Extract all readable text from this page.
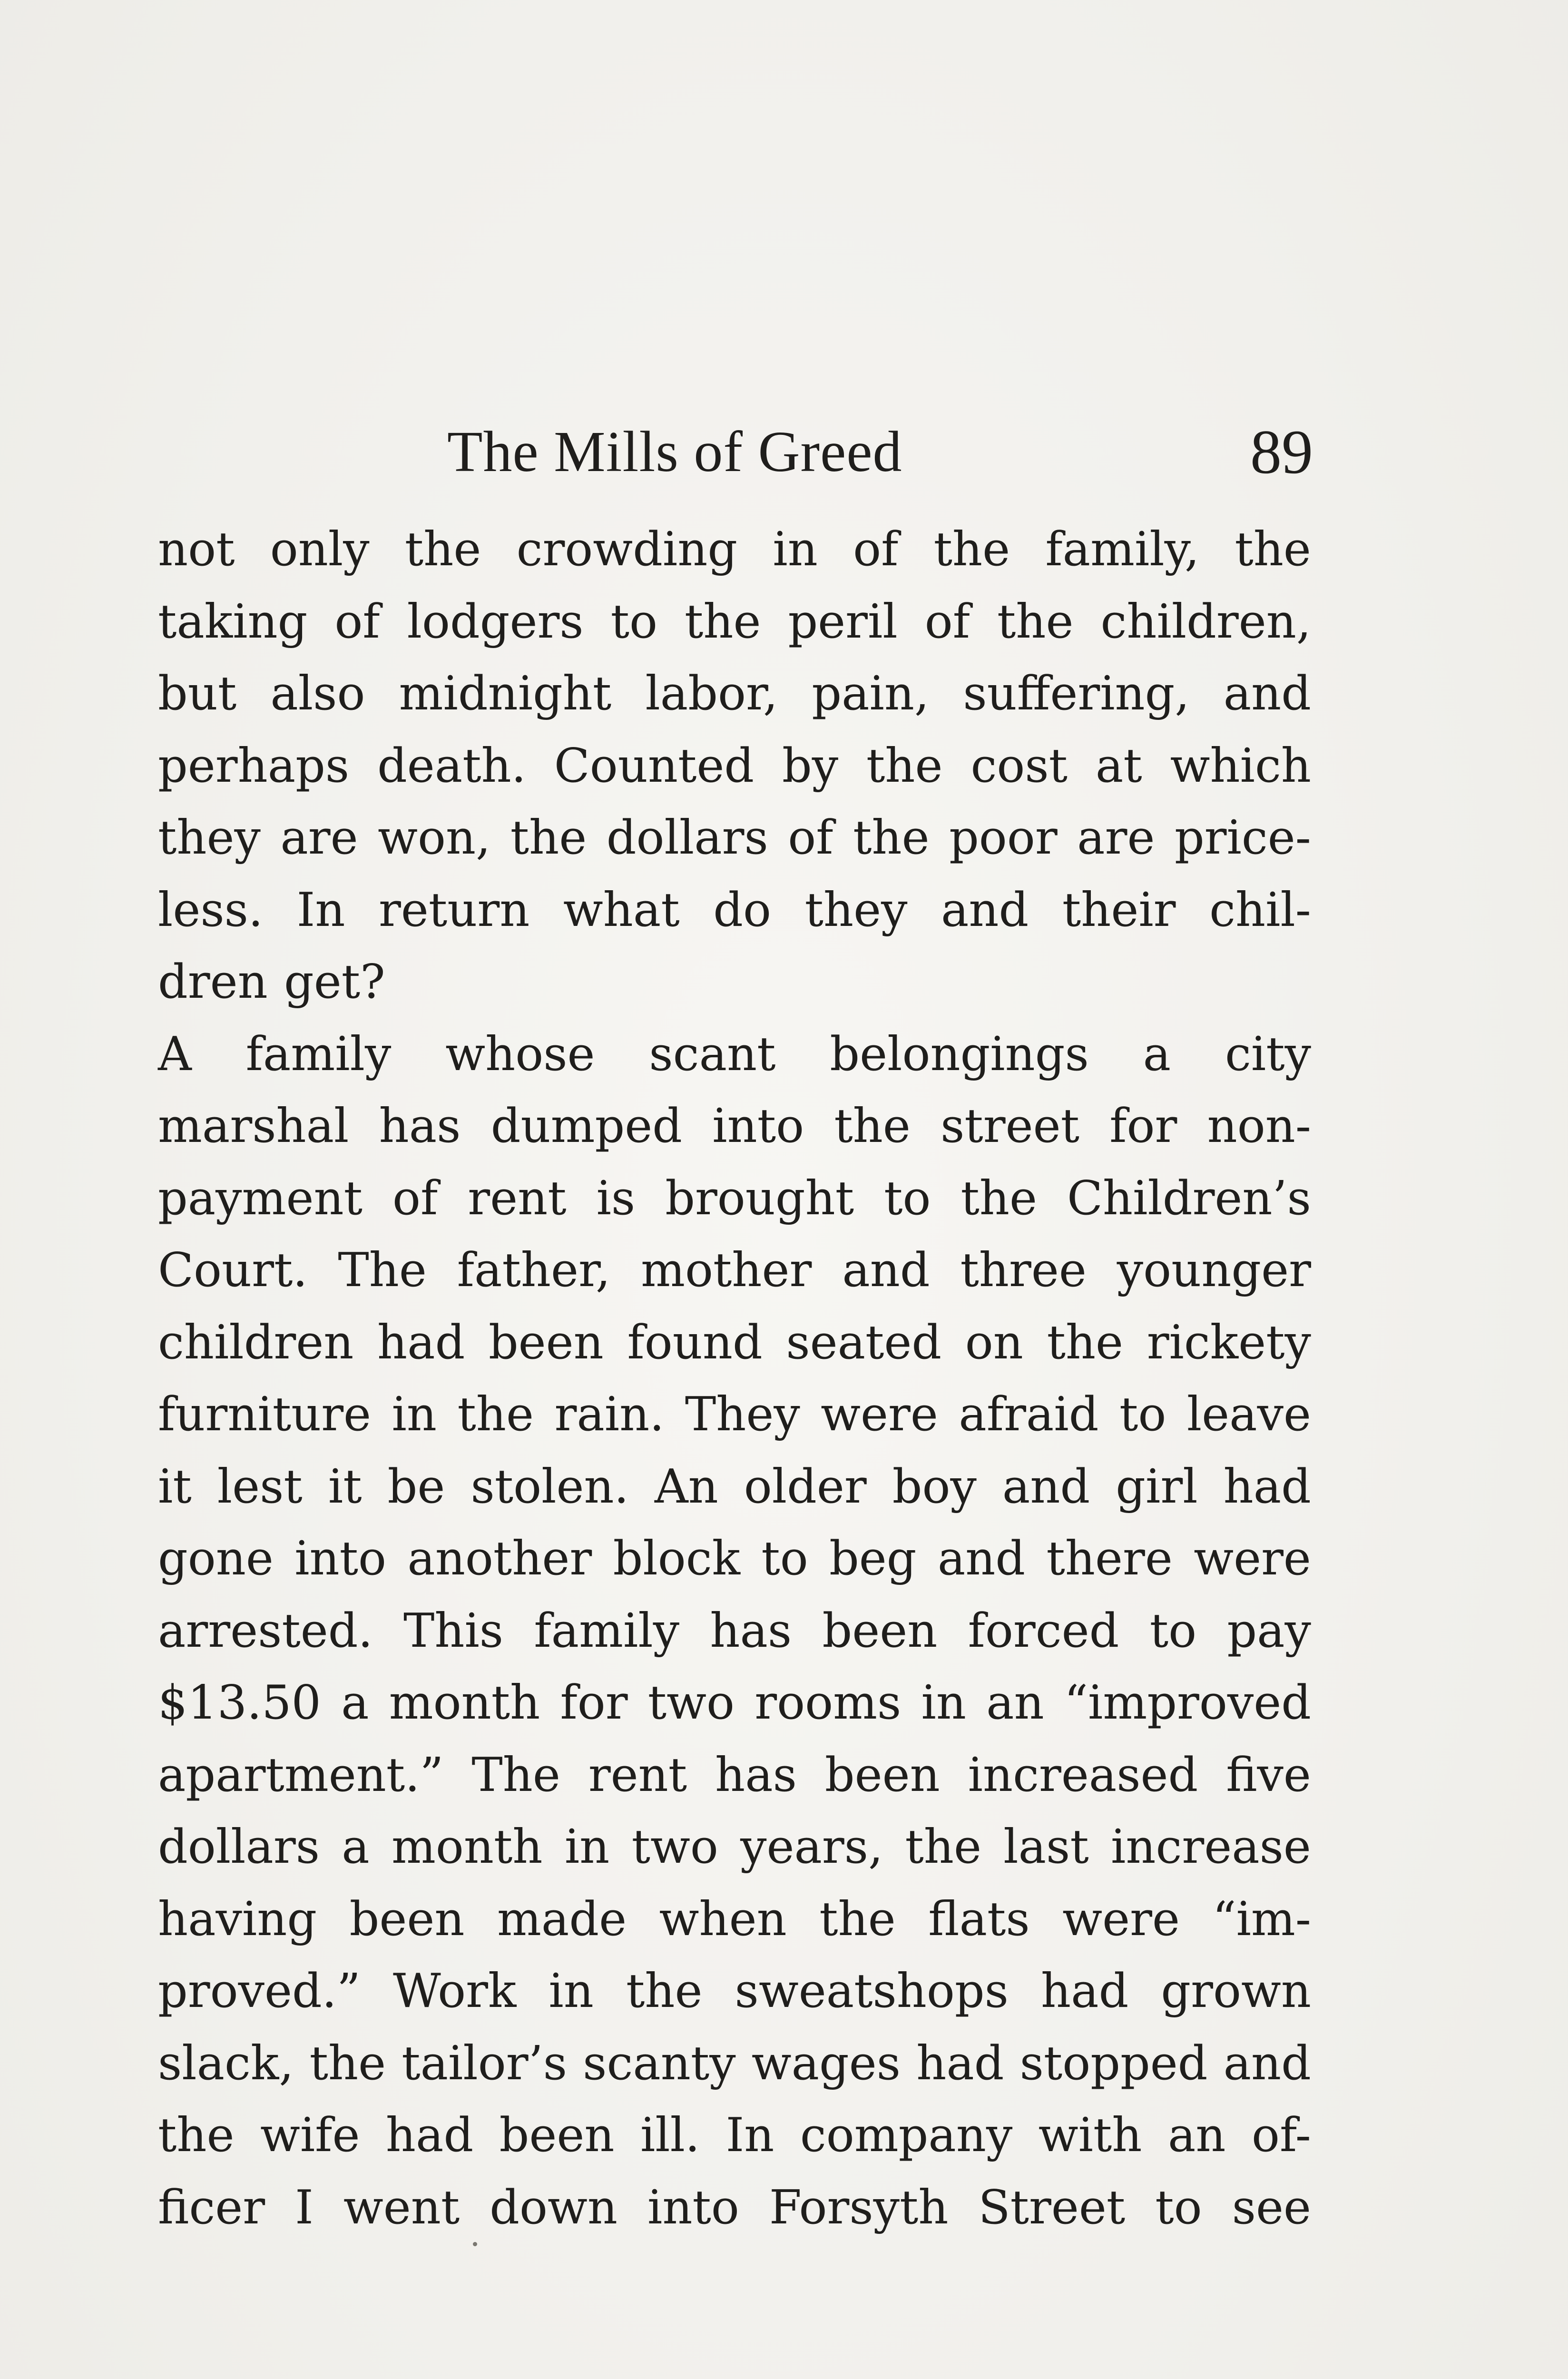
The Mills of Greed	89
not only the crowding in of the family, the
taking of lodgers to the peril of the children,
but also midnight labor, pain, suffering, and
perhaps death. Counted by the cost at which
they are won, the dollars of the poor are price-
less. In return what do they and their chil-
dren get?
A family whose scant belongings a city
marshal has dumped into the street for non-
payment of rent is brought to the Children’s
Court. The father, mother and three younger
children had been found seated on the rickety
furniture in the rain. They were afraid to leave
it lest it be stolen. An older boy and girl had
gone into another block to beg and there were
arrested. This family has been forced to pay
$13.50 a month for two rooms in an “improved
apartment.” The rent has been increased five
dollars a month in two years, the last increase
having been made when the flats were “im-
proved.” Work in the sweatshops had grown
slack, the tailor’s scanty wages had stopped and
the wife had been ill. In company with an of-
ficer I went down into Forsyth Street to see
